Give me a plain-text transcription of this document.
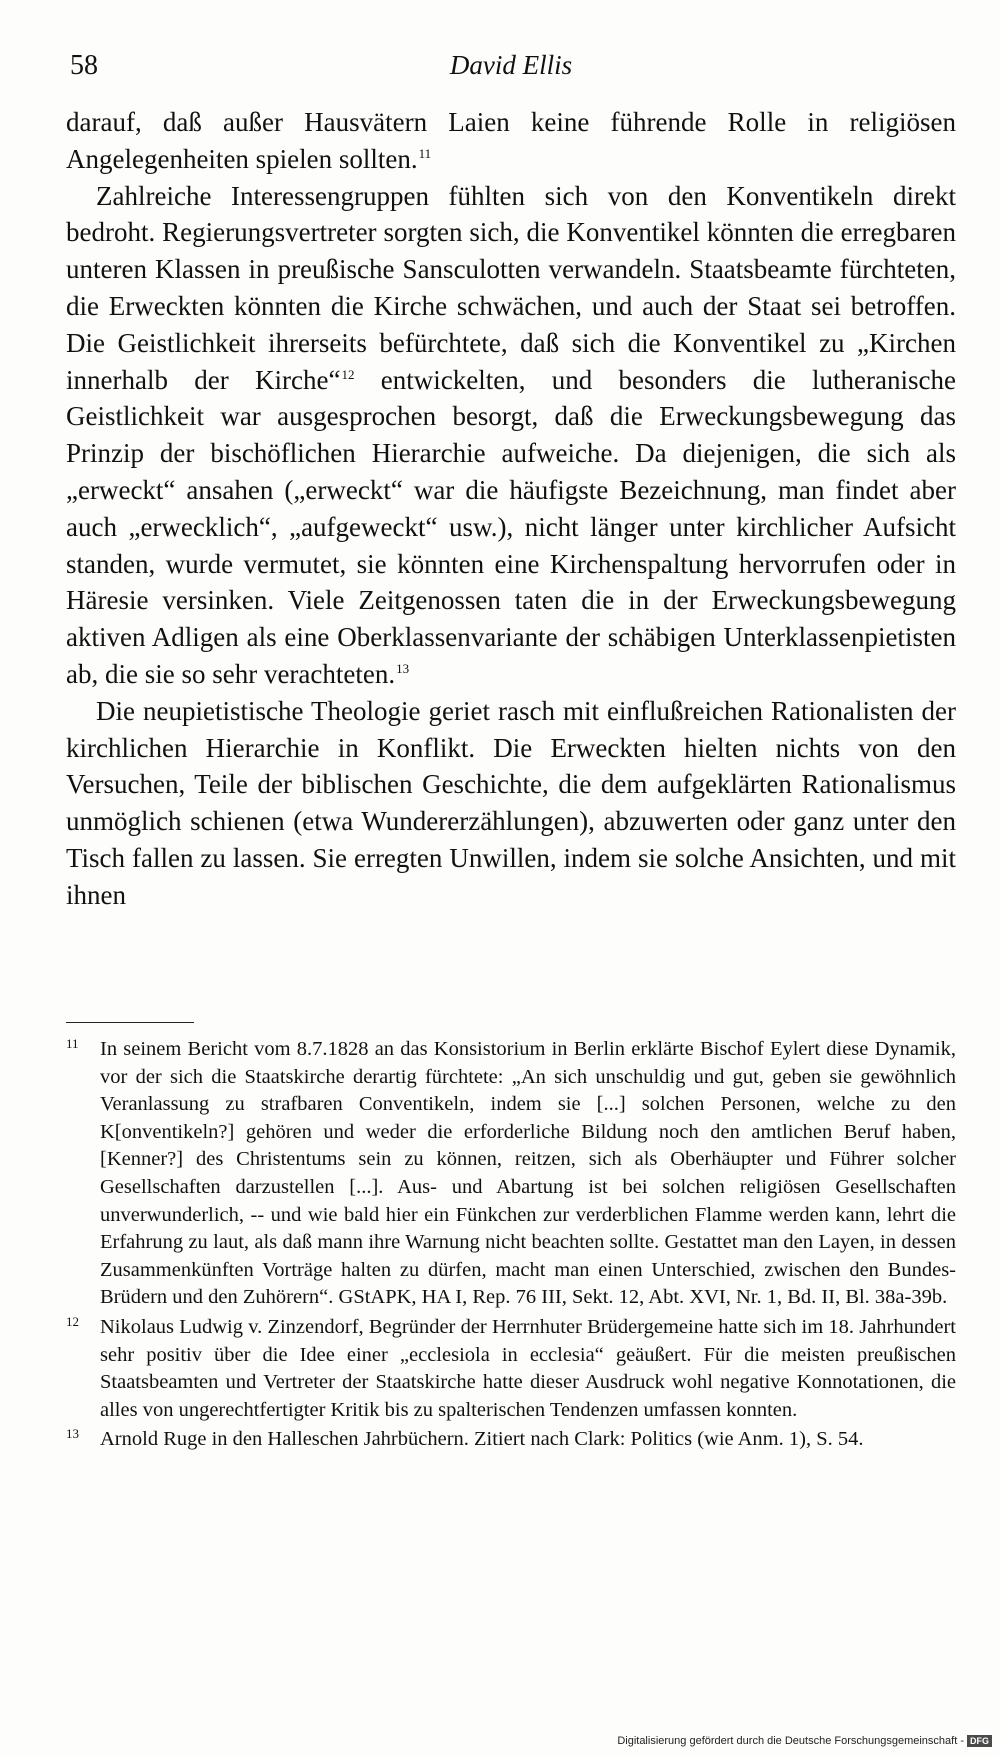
58	David Ellis

darauf, daß außer Hausvätern Laien keine führende Rolle in religiösen Angelegenheiten spielen sollten.$^{11}$

Zahlreiche Interessengruppen fühlten sich von den Konventikeln direkt bedroht. Regierungsvertreter sorgten sich, die Konventikel könnten die erregbaren unteren Klassen in preußische Sansculotten verwandeln. Staatsbeamte fürchteten, die Erweckten könnten die Kirche schwächen, und auch der Staat sei betroffen. Die Geistlichkeit ihrerseits befürchtete, daß sich die Konventikel zu „Kirchen innerhalb der Kirche“$^{12}$ entwickelten, und besonders die lutheranische Geistlichkeit war ausgesprochen besorgt, daß die Erweckungsbewegung das Prinzip der bischöflichen Hierarchie aufweiche. Da diejenigen, die sich als „erweckt“ ansahen („erweckt“ war die häufigste Bezeichnung, man findet aber auch „erwecklich“, „aufgeweckt“ usw.), nicht länger unter kirchlicher Aufsicht standen, wurde vermutet, sie könnten eine Kirchenspaltung hervorrufen oder in Häresie versinken. Viele Zeitgenossen taten die in der Erweckungsbewegung aktiven Adligen als eine Oberklassenvariante der schäbigen Unterklassenpietisten ab, die sie so sehr verachteten.$^{13}$

Die neupietistische Theologie geriet rasch mit einflußreichen Rationalisten der kirchlichen Hierarchie in Konflikt. Die Erweckten hielten nichts von den Versuchen, Teile der biblischen Geschichte, die dem aufgeklärten Rationalismus unmöglich schienen (etwa Wundererzählungen), abzuwerten oder ganz unter den Tisch fallen zu lassen. Sie erregten Unwillen, indem sie solche Ansichten, und mit ihnen

11 In seinem Bericht vom 8.7.1828 an das Konsistorium in Berlin erklärte Bischof Eylert diese Dynamik, vor der sich die Staatskirche derartig fürchtete: „An sich unschuldig und gut, geben sie gewöhnlich Veranlassung zu strafbaren Conventikeln, indem sie [...] solchen Personen, welche zu den K[onventikeln?] gehören und weder die erforderliche Bildung noch den amtlichen Beruf haben, [Kenner?] des Christentums sein zu können, reitzen, sich als Oberhäupter und Führer solcher Gesellschaften darzustellen [...]. Aus- und Abartung ist bei solchen religiösen Gesellschaften unverwunderlich, -- und wie bald hier ein Fünkchen zur verderblichen Flamme werden kann, lehrt die Erfahrung zu laut, als daß mann ihre Warnung nicht beachten sollte. Gestattet man den Layen, in dessen Zusammenkünften Vorträge halten zu dürfen, macht man einen Unterschied, zwischen den Bundes-Brüdern und den Zuhörern“. GStAPK, HA I, Rep. 76 III, Sekt. 12, Abt. XVI, Nr. 1, Bd. II, Bl. 38a-39b.
12 Nikolaus Ludwig v. Zinzendorf, Begründer der Herrnhuter Brüdergemeine hatte sich im 18. Jahrhundert sehr positiv über die Idee einer „ecclesiola in ecclesia“ geäußert. Für die meisten preußischen Staatsbeamten und Vertreter der Staatskirche hatte dieser Ausdruck wohl negative Konnotationen, die alles von ungerechtfertigter Kritik bis zu spalterischen Tendenzen umfassen konnten.
13 Arnold Ruge in den Halleschen Jahrbüchern. Zitiert nach Clark: Politics (wie Anm. 1), S. 54.
Digitalisierung gefördert durch die Deutsche Forschungsgemeinschaft - DFG
